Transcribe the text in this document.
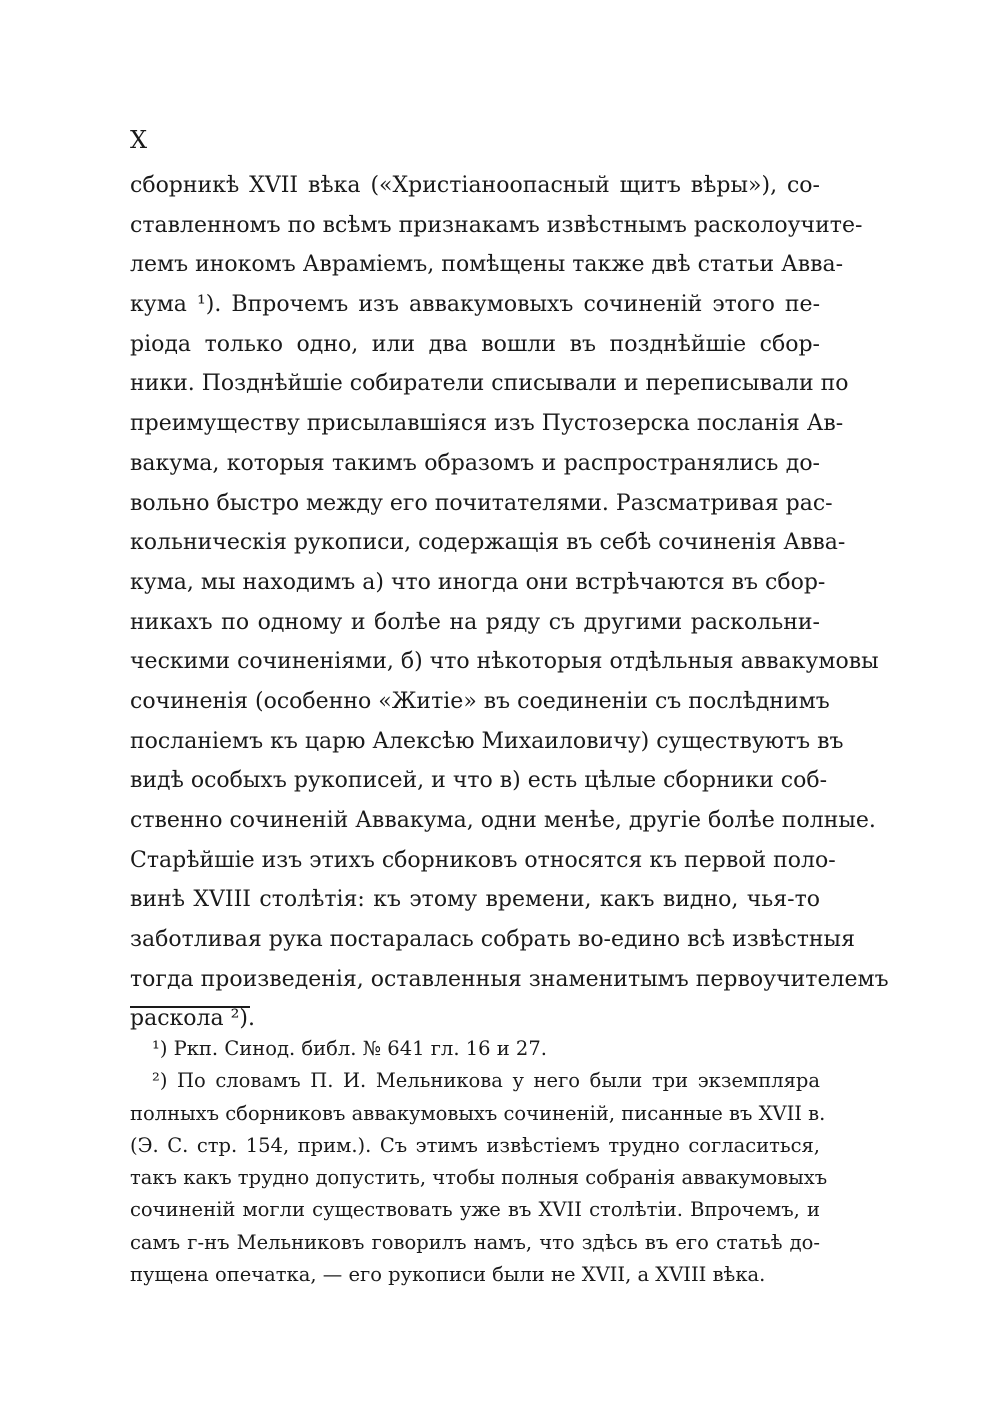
X
сборникѣ XVII вѣка («Христіаноопасный щитъ вѣры»), со-
ставленномъ по всѣмъ признакамъ извѣстнымъ расколоучите-
лемъ инокомъ Авраміемъ, помѣщены также двѣ статьи Авва-
кума ¹). Впрочемъ изъ аввакумовыхъ сочиненій этого пе-
ріода только одно, или два вошли въ позднѣйшіе сбор-
ники. Позднѣйшіе собиратели списывали и переписывали по
преимуществу присылавшіяся изъ Пустозерска посланія Ав-
вакума, которыя такимъ образомъ и распространялись до-
вольно быстро между его почитателями. Разсматривая рас-
кольническія рукописи, содержащія въ себѣ сочиненія Авва-
кума, мы находимъ а) что иногда они встрѣчаются въ сбор-
никахъ по одному и болѣе на ряду съ другими раскольни-
ческими сочиненіями, б) что нѣкоторыя отдѣльныя аввакумовы
сочиненія (особенно «Житіе» въ соединеніи съ послѣднимъ
посланіемъ къ царю Алексѣю Михаиловичу) существуютъ въ
видѣ особыхъ рукописей, и что в) есть цѣлые сборники соб-
ственно сочиненій Аввакума, одни менѣе, другіе болѣе полные.
Старѣйшіе изъ этихъ сборниковъ относятся къ первой поло-
винѣ XVIII столѣтія: къ этому времени, какъ видно, чья-то
заботливая рука постаралась собрать во-едино всѣ извѣстныя
тогда произведенія, оставленныя знаменитымъ первоучителемъ
раскола ²).
¹) Ркп. Синод. библ. № 641 гл. 16 и 27.
²) По словамъ П. И. Мельникова у него были три экземпляра
полныхъ сборниковъ аввакумовыхъ сочиненій, писанные въ XVII в.
(Э. С. стр. 154, прим.). Съ этимъ извѣстіемъ трудно согласиться,
такъ какъ трудно допустить, чтобы полныя собранія аввакумовыхъ
сочиненій могли существовать уже въ XVII столѣтіи. Впрочемъ, и
самъ г-нъ Мельниковъ говорилъ намъ, что здѣсь въ его статьѣ до-
пущена опечатка, — его рукописи были не XVII, а XVIII вѣка.
